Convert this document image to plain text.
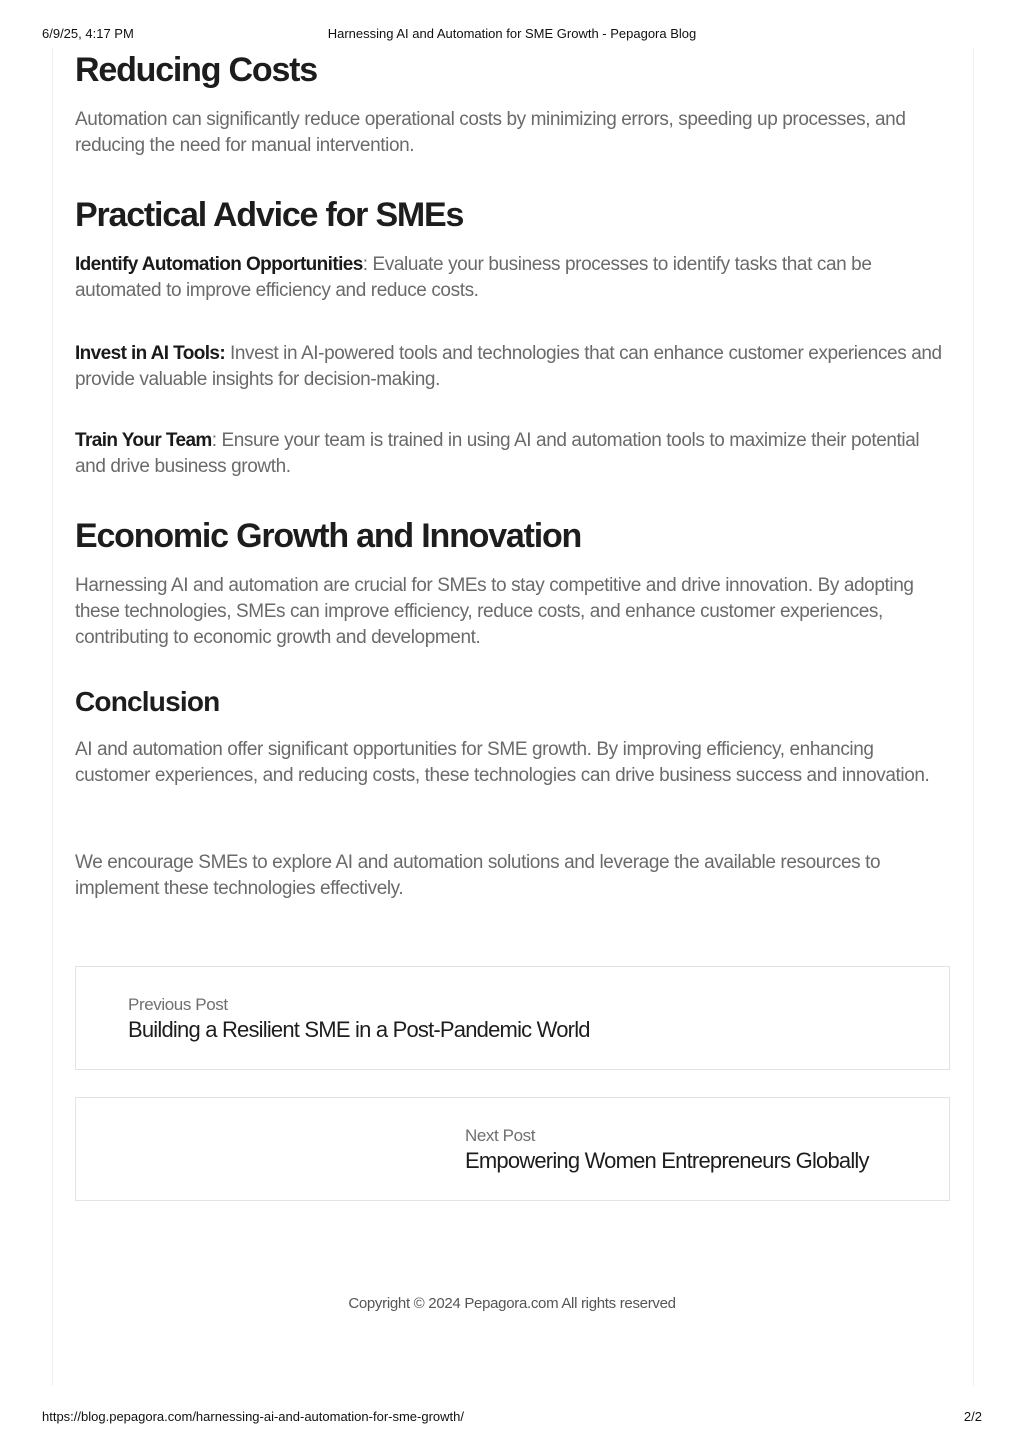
6/9/25, 4:17 PM	Harnessing AI and Automation for SME Growth - Pepagora Blog
Reducing Costs

Automation can significantly reduce operational costs by minimizing errors, speeding up processes, and reducing the need for manual intervention.

Practical Advice for SMEs

Identify Automation Opportunities: Evaluate your business processes to identify tasks that can be automated to improve efficiency and reduce costs.

Invest in AI Tools: Invest in AI-powered tools and technologies that can enhance customer experiences and provide valuable insights for decision-making.

Train Your Team: Ensure your team is trained in using AI and automation tools to maximize their potential and drive business growth.

Economic Growth and Innovation

Harnessing AI and automation are crucial for SMEs to stay competitive and drive innovation. By adopting these technologies, SMEs can improve efficiency, reduce costs, and enhance customer experiences, contributing to economic growth and development.

Conclusion

AI and automation offer significant opportunities for SME growth. By improving efficiency, enhancing customer experiences, and reducing costs, these technologies can drive business success and innovation.

We encourage SMEs to explore AI and automation solutions and leverage the available resources to implement these technologies effectively.

Previous Post
Building a Resilient SME in a Post-Pandemic World
Next Post
Empowering Women Entrepreneurs Globally
Copyright © 2024 Pepagora.com All rights reserved
https://blog.pepagora.com/harnessing-ai-and-automation-for-sme-growth/	2/2
